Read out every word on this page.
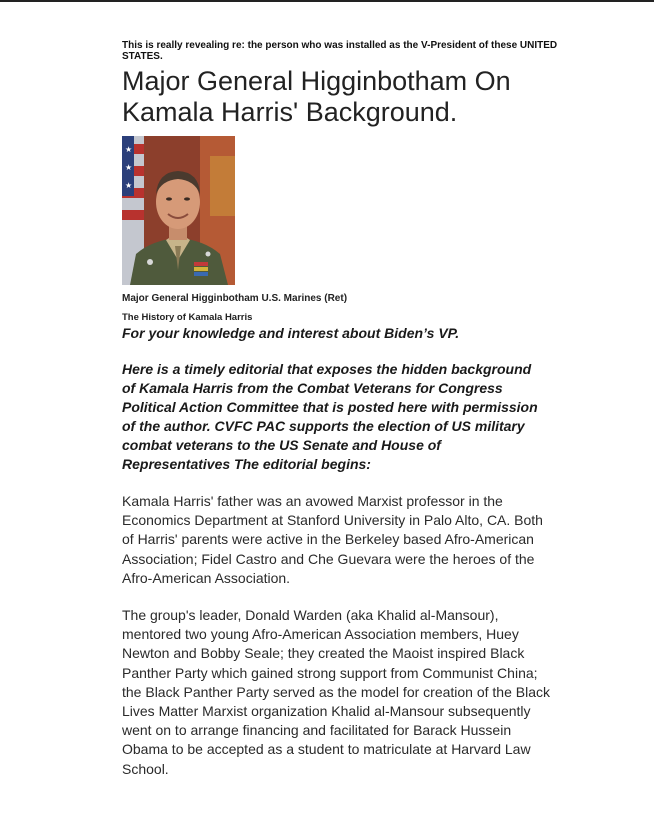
This is really revealing re: the person who was installed as the V-President of these UNITED STATES.

Major General Higginbotham On Kamala Harris' Background.
★
★
★

Major General Higginbotham U.S. Marines (Ret)

The History of Kamala Harris

For your knowledge and interest about Biden’s VP.

Here is a timely editorial that exposes the hidden background of Kamala Harris from the Combat Veterans for Congress Political Action Committee that is posted here with permission of the author. CVFC PAC supports the election of US military combat veterans to the US Senate and House of Representatives The editorial begins:

Kamala Harris' father was an avowed Marxist professor in the Economics Department at Stanford University in Palo Alto, CA. Both of Harris' parents were active in the Berkeley based Afro-American Association; Fidel Castro and Che Guevara were the heroes of the Afro-American Association.

The group's leader, Donald Warden (aka Khalid al-Mansour), mentored two young Afro-American Association members, Huey Newton and Bobby Seale; they created the Maoist inspired Black Panther Party which gained strong support from Communist China; the Black Panther Party served as the model for creation of the Black Lives Matter Marxist organization Khalid al-Mansour subsequently went on to arrange financing and facilitated for Barack Hussein Obama to be accepted as a student to matriculate at Harvard Law School.
